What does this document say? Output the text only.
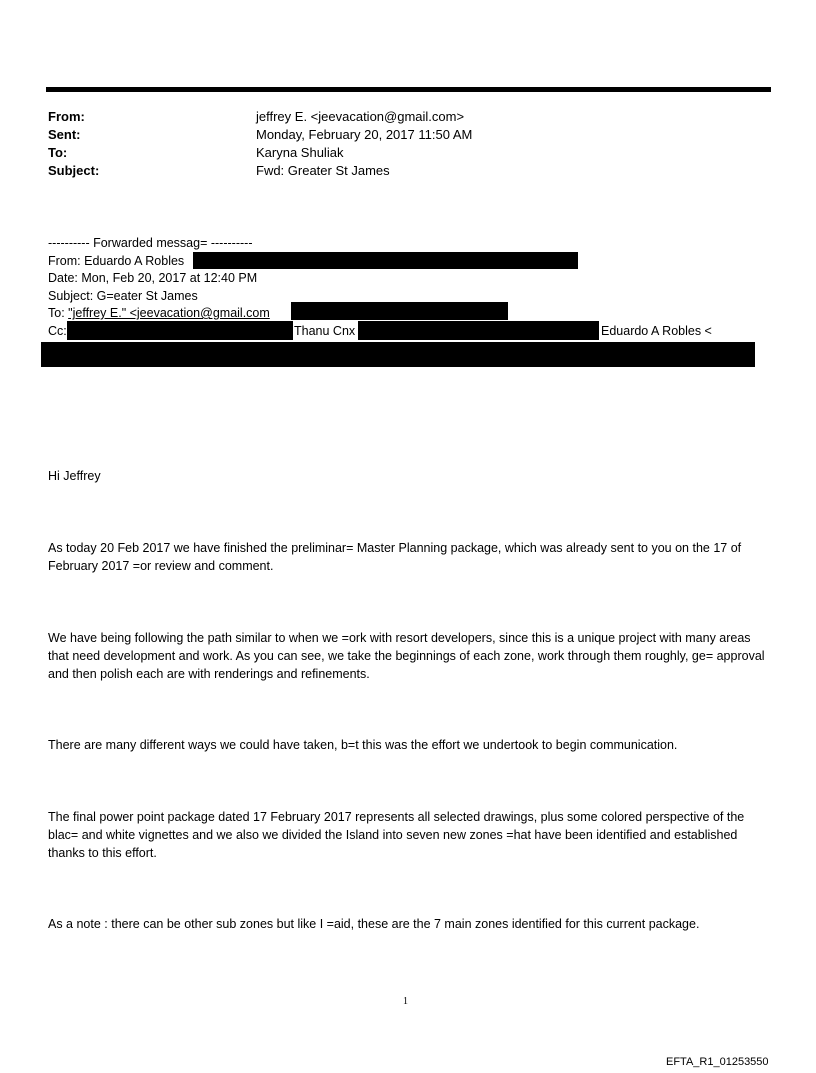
From:	jeffrey E. <jeevacation@gmail.com>
Sent:	Monday, February 20, 2017 11:50 AM
To:	Karyna Shuliak
Subject:	Fwd: Greater St James
---------- Forwarded messag= ----------
From: Eduardo A Robles
Date: Mon, Feb 20, 2017 at 12:40 PM
Subject: G=eater St James
To: "jeffrey E." <jeevacation@gmail.com
Cc:	Thanu Cnx	Eduardo A Robles <
Hi Jeffrey
As today 20 Feb 2017 we have finished the preliminar= Master Planning package, which was already sent to you on the 17 of February 2017 =or review and comment.
We have being following the path similar to when we =ork with resort developers, since this is a unique project with many areas that need development and work. As you can see, we take the beginnings of each zone, work through them roughly, ge= approval and then polish each are with renderings and refinements.
There are many different ways we could have taken, b=t this was the effort we undertook to begin communication.
The final power point package dated 17 February 2017 represents all selected drawings, plus some colored perspective of the blac= and white vignettes and we also we divided the Island into seven new zones =hat have been identified and established thanks to this effort.
As a note : there can be other sub zones but like I =aid, these are the 7 main zones identified for this current package.
1
EFTA_R1_01253550
